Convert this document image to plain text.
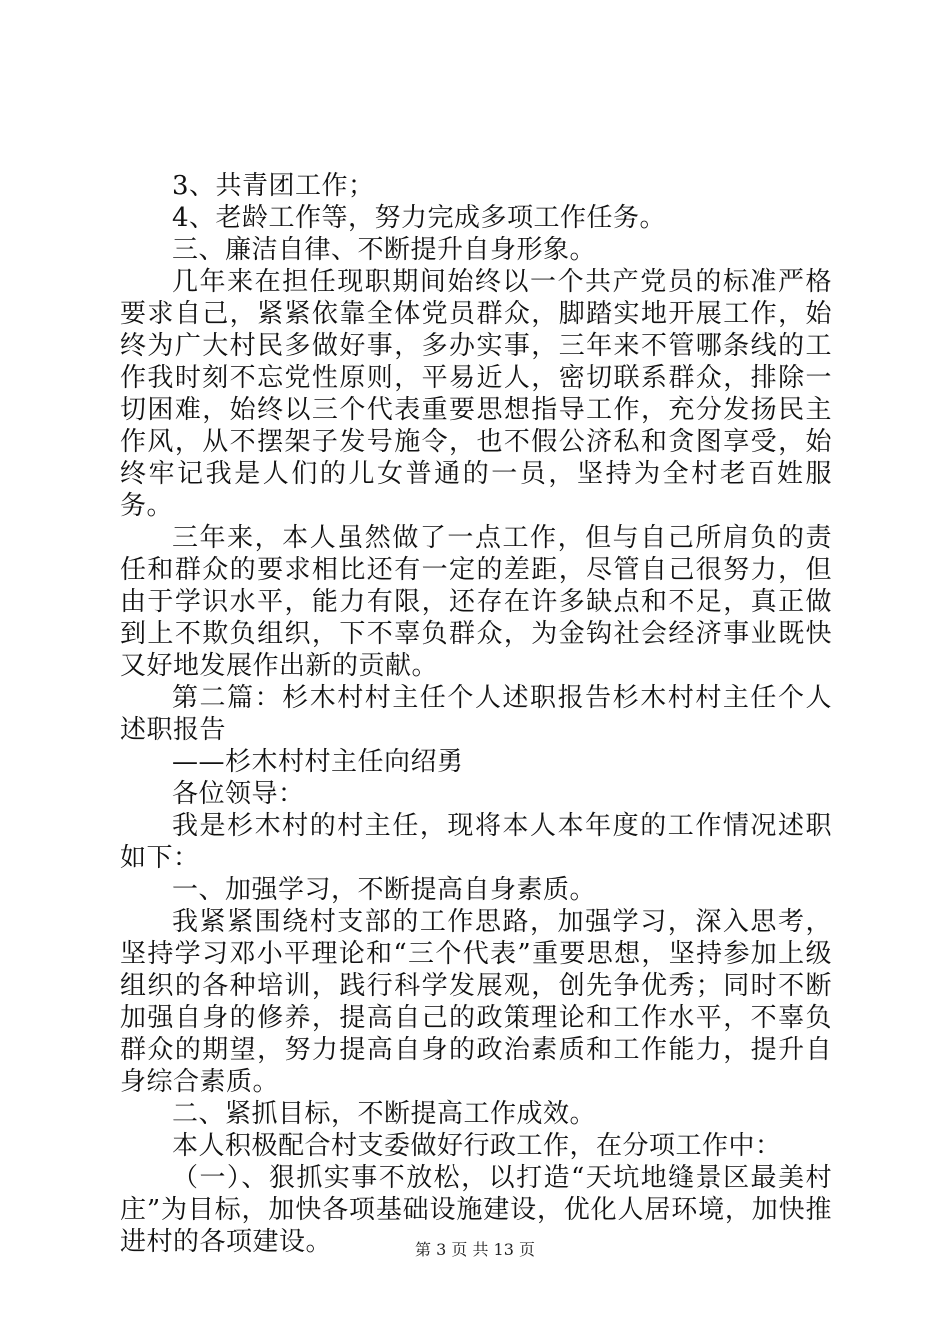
3、共青团工作；

4、老龄工作等，努力完成多项工作任务。

三、廉洁自律、不断提升自身形象。

几年来在担任现职期间始终以一个共产党员的标准严格要求自己，紧紧依靠全体党员群众，脚踏实地开展工作，始终为广大村民多做好事，多办实事，三年来不管哪条线的工作我时刻不忘党性原则，平易近人，密切联系群众，排除一切困难，始终以三个代表重要思想指导工作，充分发扬民主作风，从不摆架子发号施令，也不假公济私和贪图享受，始终牢记我是人们的儿女普通的一员，坚持为全村老百姓服务。

三年来，本人虽然做了一点工作，但与自己所肩负的责任和群众的要求相比还有一定的差距，尽管自己很努力，但由于学识水平，能力有限，还存在许多缺点和不足，真正做到上不欺负组织，下不辜负群众，为金钩社会经济事业既快又好地发展作出新的贡献。

第二篇：杉木村村主任个人述职报告杉木村村主任个人述职报告

——杉木村村主任向绍勇

各位领导：

我是杉木村的村主任，现将本人本年度的工作情况述职如下：

一、加强学习，不断提高自身素质。

我紧紧围绕村支部的工作思路，加强学习，深入思考，坚持学习邓小平理论和“三个代表”重要思想，坚持参加上级组织的各种培训，践行科学发展观，创先争优秀；同时不断加强自身的修养，提高自己的政策理论和工作水平，不辜负群众的期望，努力提高自身的政治素质和工作能力，提升自身综合素质。

二、紧抓目标，不断提高工作成效。

本人积极配合村支委做好行政工作，在分项工作中：

（一）、狠抓实事不放松，以打造“天坑地缝景区最美村庄”为目标，加快各项基础设施建设，优化人居环境，加快推进村的各项建设。	第 3 页 共 13 页
